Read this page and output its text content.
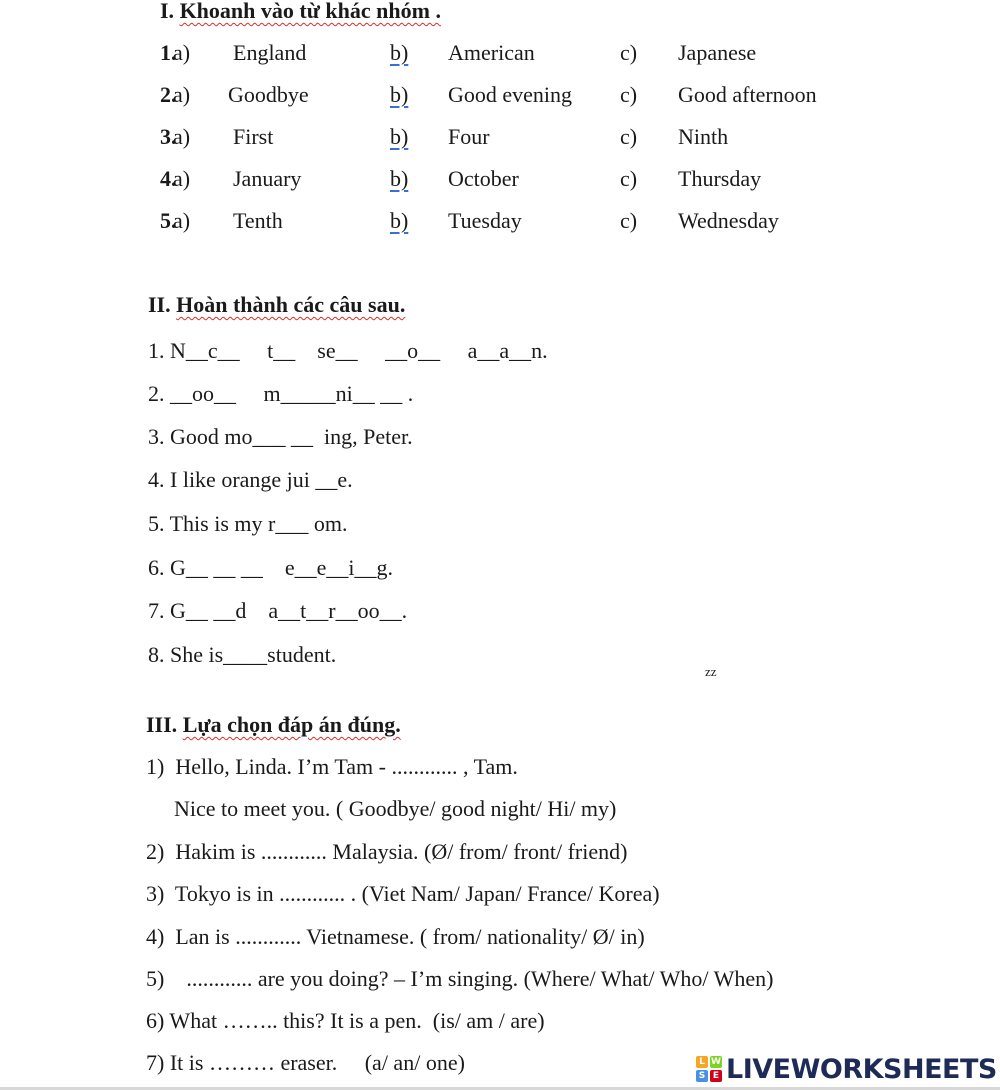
I. Khoanh vào từ khác nhóm .
1.
a) England	b) American	c) Japanese
2.
a) Goodbye	b) Good evening c) Good afternoon
3.
a) First	b) Four	c) Ninth
4.
a) January	b) October	c) Thursday
5.
a) Tenth	b) Tuesday	c) Wednesday
II. Hoàn thành các câu sau.
1. N__c__     t__    se__     __o__     a__a__n.
2. __oo__     m_____ni__ __ .
3. Good mo___ __  ing, Peter.
4. I like orange jui __e.
5. This is my r___ om.
6. G__ __ __    e__e__i__g.
7. G__ __d    a__t__r__oo__.
8. She is____student.
zz
III. Lựa chọn đáp án đúng.
1)  Hello, Linda. I’m Tam - ............ , Tam.
Nice to meet you. ( Goodbye/ good night/ Hi/ my)
2)  Hakim is ............ Malaysia. (Ø/ from/ front/ friend)
3)  Tokyo is in ............ . (Viet Nam/ Japan/ France/ Korea)
4)  Lan is ............ Vietnamese. ( from/ nationality/ Ø/ in)
5)    ............ are you doing? – I’m singing. (Where/ What/ Who/ When)
6) What …….. this? It is a pen.  (is/ am / are)
7) It is ……… eraser.     (a/ an/ one)	L W
S E LIVEWORKSHEETS
